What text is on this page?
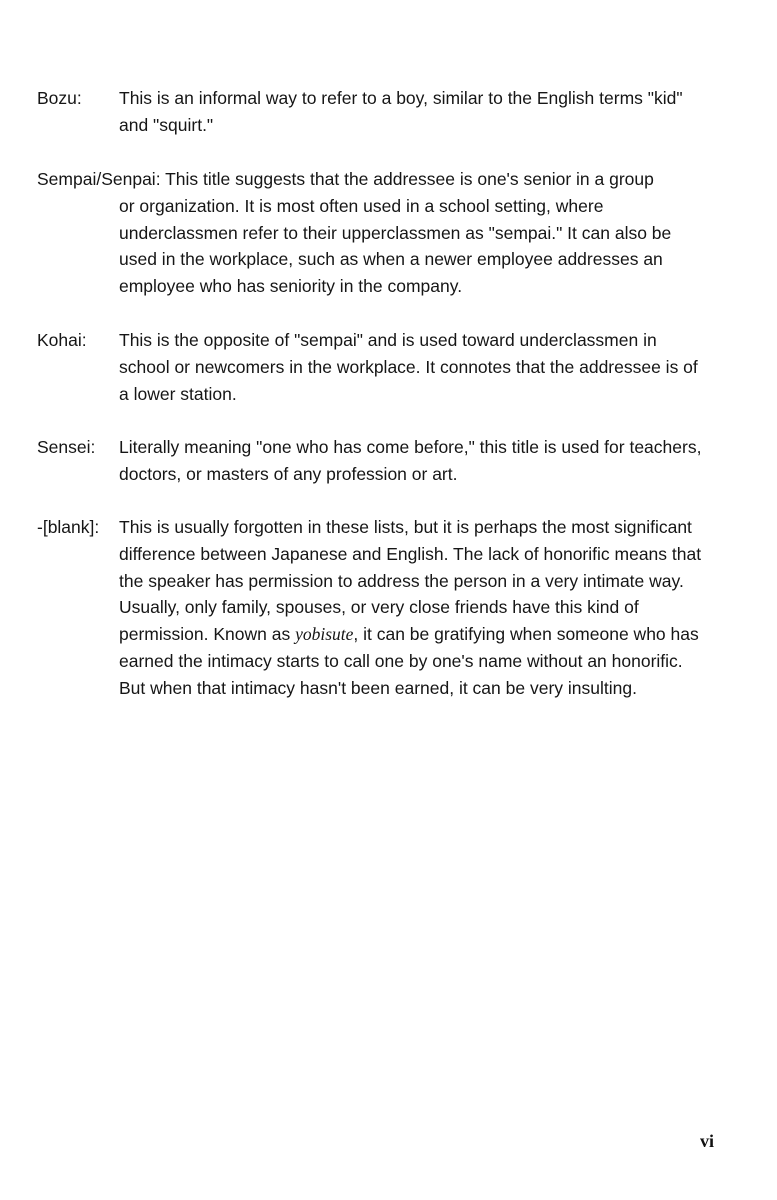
Bozu: This is an informal way to refer to a boy, similar to the English terms "kid" and "squirt."
Sempai/Senpai: This title suggests that the addressee is one's senior in a group
or organization. It is most often used in a school setting, where underclassmen refer to their upperclassmen as "sempai." It can also be used in the workplace, such as when a newer employee addresses an employee who has seniority in the company.
Kohai: This is the opposite of "sempai" and is used toward underclassmen in school or newcomers in the workplace. It connotes that the addressee is of a lower station.
Sensei: Literally meaning "one who has come before," this title is used for teachers, doctors, or masters of any profession or art.
-[blank]: This is usually forgotten in these lists, but it is perhaps the most significant difference between Japanese and English. The lack of honorific means that the speaker has permission to address the person in a very intimate way. Usually, only family, spouses, or very close friends have this kind of permission. Known as yobisute, it can be gratifying when someone who has earned the intimacy starts to call one by one's name without an honorific. But when that intimacy hasn't been earned, it can be very insulting.
vi
